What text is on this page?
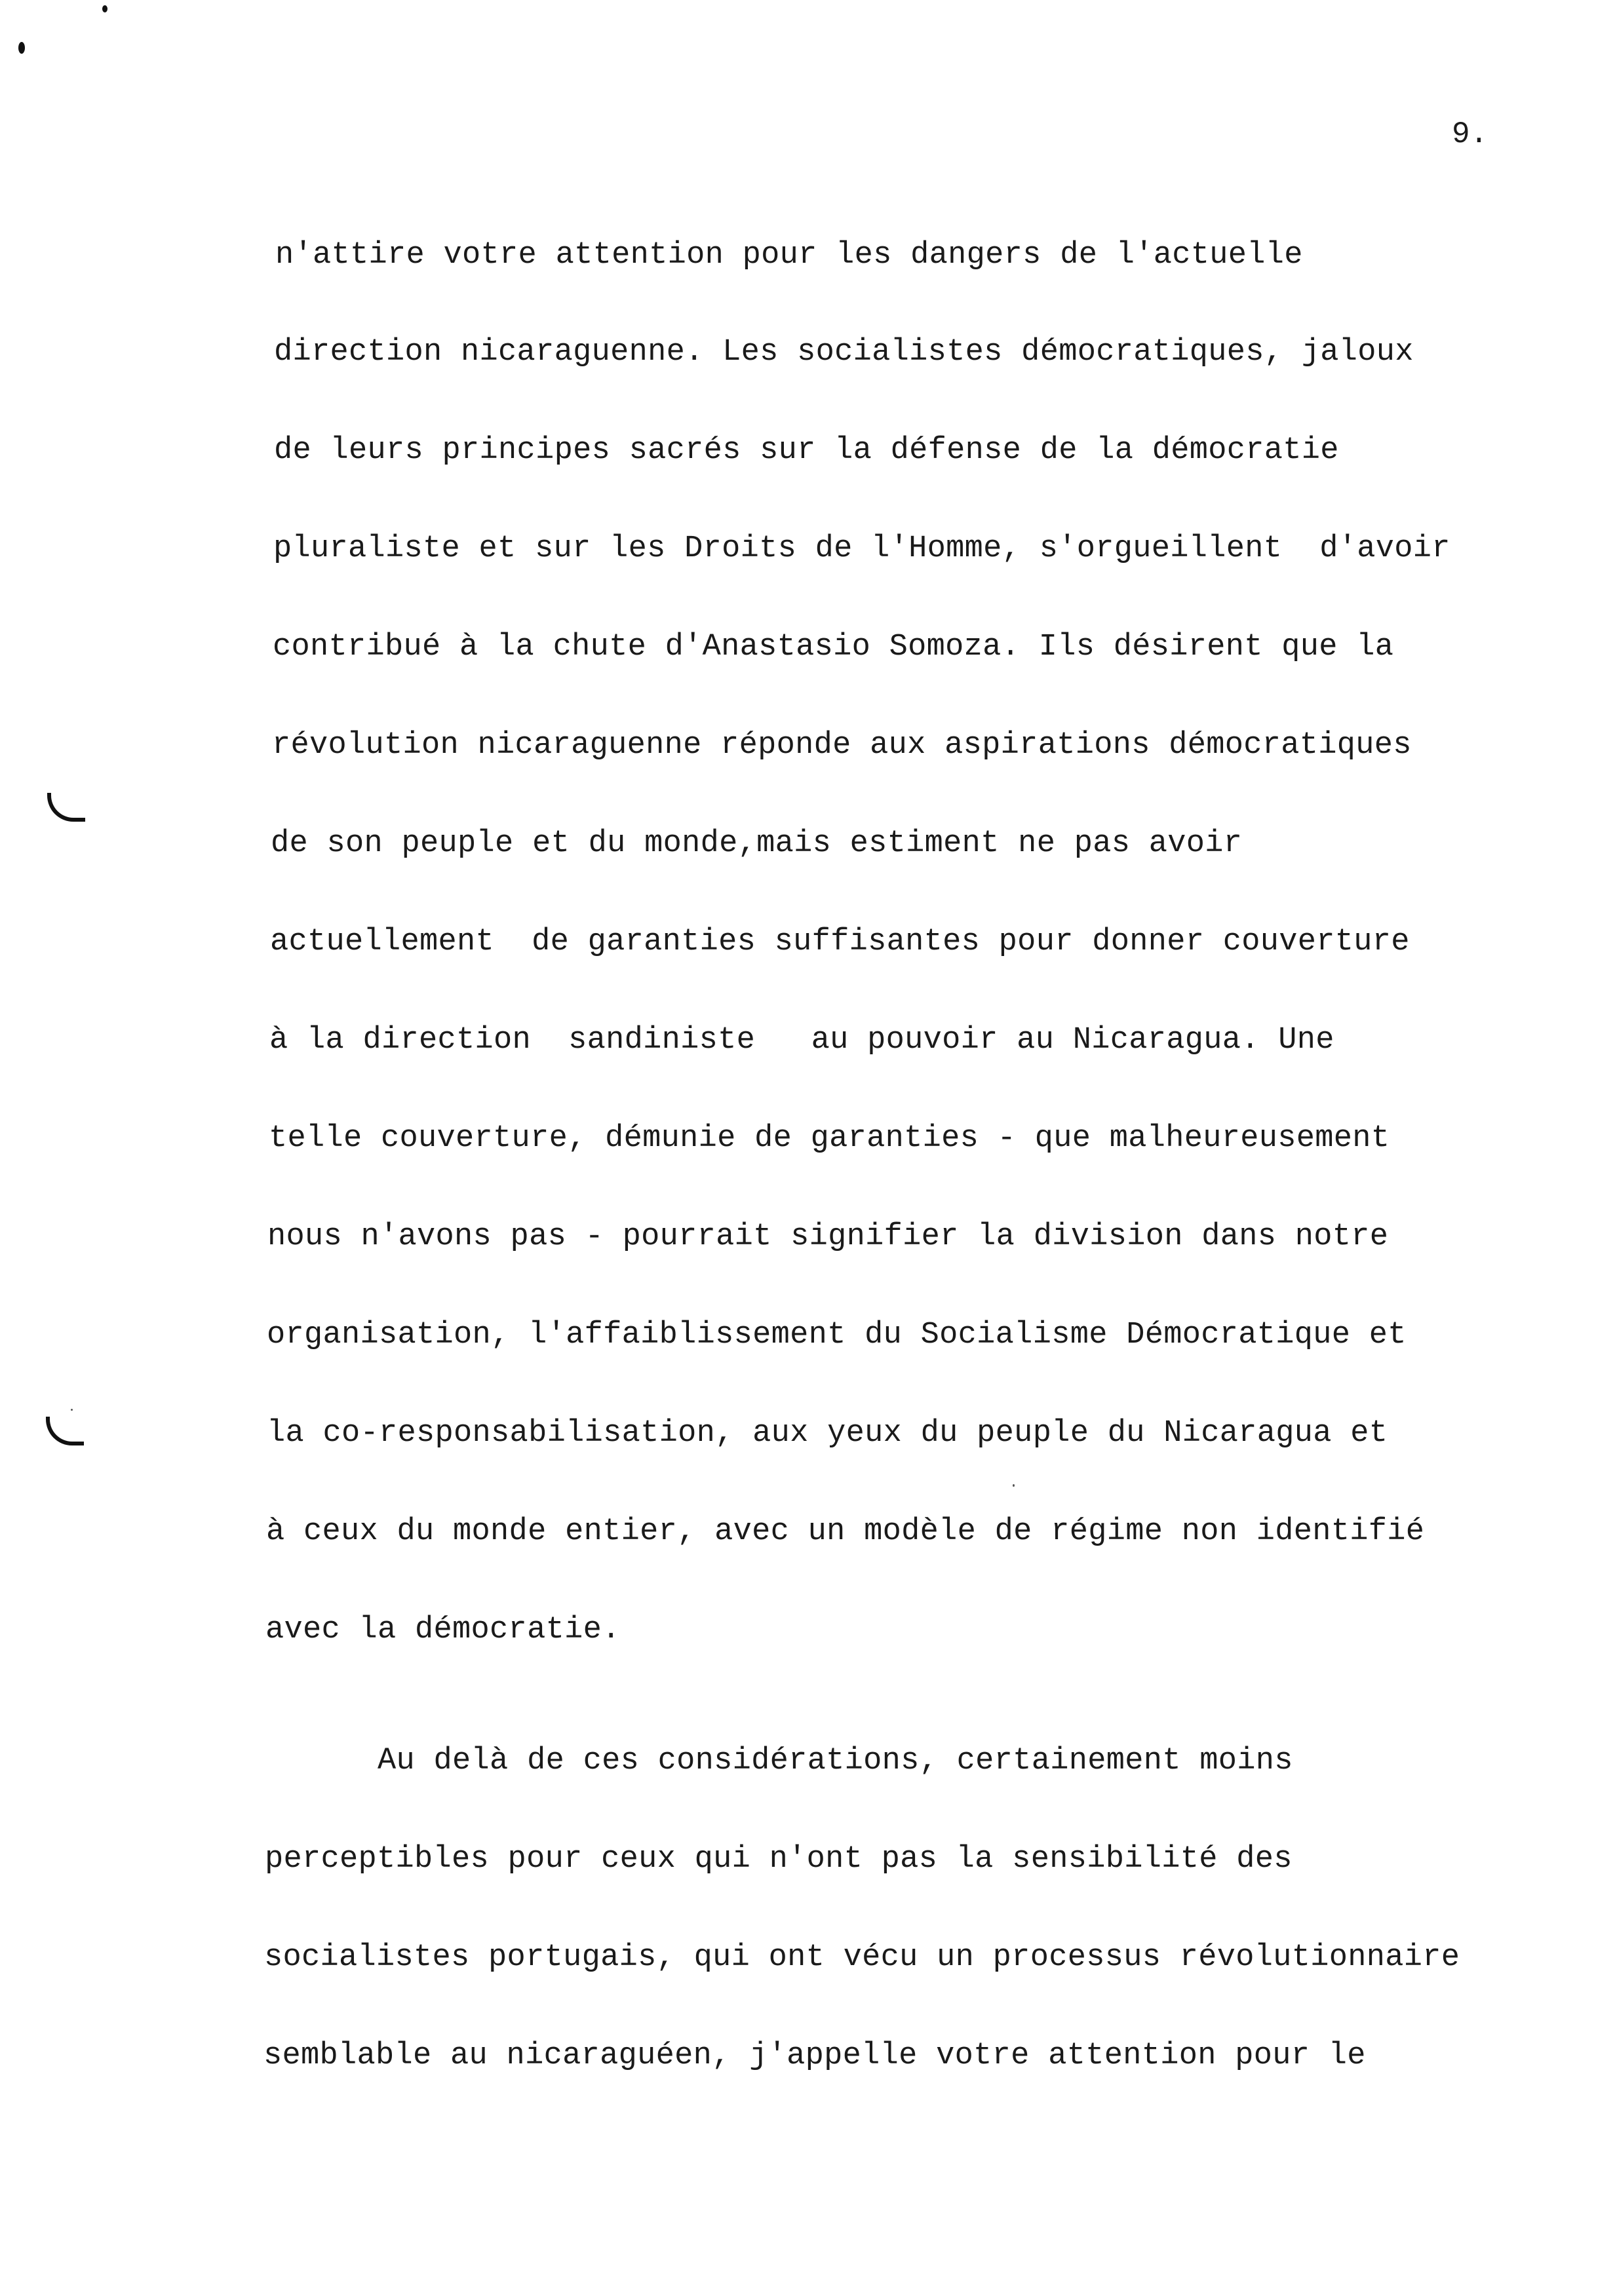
9.
n'attire votre attention pour les dangers de l'actuelle
direction nicaraguenne. Les socialistes démocratiques, jaloux
de leurs principes sacrés sur la défense de la démocratie
pluraliste et sur les Droits de l'Homme, s'orgueillent  d'avoir
contribué à la chute d'Anastasio Somoza. Ils désirent que la
révolution nicaraguenne réponde aux aspirations démocratiques
de son peuple et du monde,mais estiment ne pas avoir
actuellement  de garanties suffisantes pour donner couverture
à la direction  sandiniste   au pouvoir au Nicaragua. Une
telle couverture, démunie de garanties - que malheureusement
nous n'avons pas - pourrait signifier la division dans notre
organisation, l'affaiblissement du Socialisme Démocratique et
la co-responsabilisation, aux yeux du peuple du Nicaragua et
à ceux du monde entier, avec un modèle de régime non identifié
avec la démocratie.
Au delà de ces considérations, certainement moins
perceptibles pour ceux qui n'ont pas la sensibilité des
socialistes portugais, qui ont vécu un processus révolutionnaire
semblable au nicaraguéen, j'appelle votre attention pour le
